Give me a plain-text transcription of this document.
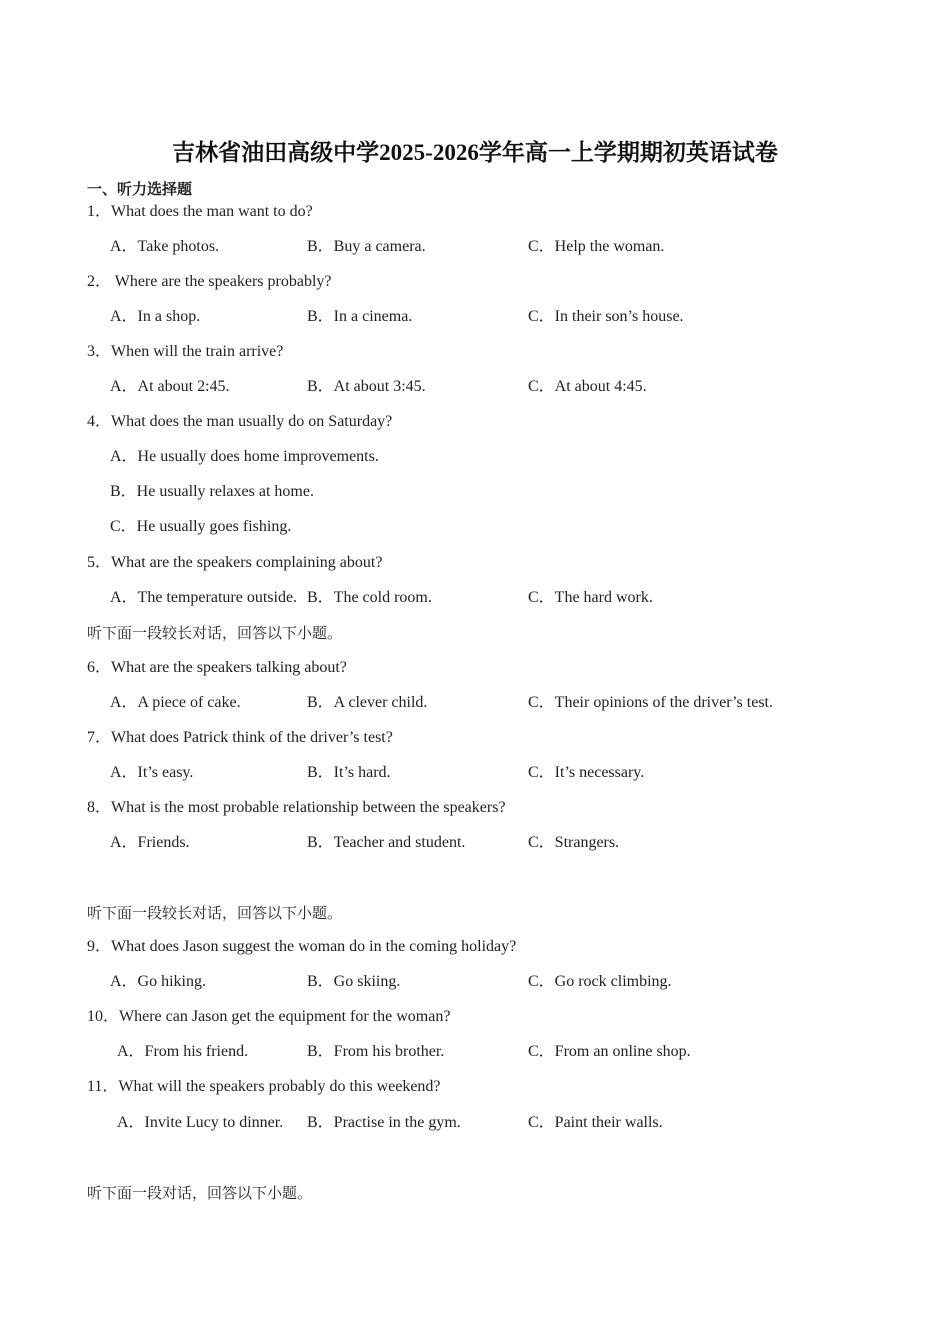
吉林省油田高级中学2025-2026学年高一上学期期初英语试卷
一、听力选择题
1．What does the man want to do?
A．Take photos.	B．Buy a camera.	C．Help the woman.
2． Where are the speakers probably?
A．In a shop.	B．In a cinema.	C．In their son’s house.
3．When will the train arrive?
A．At about 2:45.	B．At about 3:45.	C．At about 4:45.
4．What does the man usually do on Saturday?
A．He usually does home improvements.
B．He usually relaxes at home.
C．He usually goes fishing.
5．What are the speakers complaining about?
A．The temperature outside. B．The cold room.	C．The hard work.
听下面一段较长对话，回答以下小题。
6．What are the speakers talking about?
A．A piece of cake.	B．A clever child.	C．Their opinions of the driver’s test.
7．What does Patrick think of the driver’s test?
A．It’s easy.	B．It’s hard.	C．It’s necessary.
8．What is the most probable relationship between the speakers?
A．Friends.	B．Teacher and student.	C．Strangers.
听下面一段较长对话，回答以下小题。
9．What does Jason suggest the woman do in the coming holiday?
A．Go hiking.	B．Go skiing.	C．Go rock climbing.
10．Where can Jason get the equipment for the woman?
A．From his friend.	B．From his brother.	C．From an online shop.
11．What will the speakers probably do this weekend?
A．Invite Lucy to dinner. B．Practise in the gym.	C．Paint their walls.
听下面一段对话，回答以下小题。
